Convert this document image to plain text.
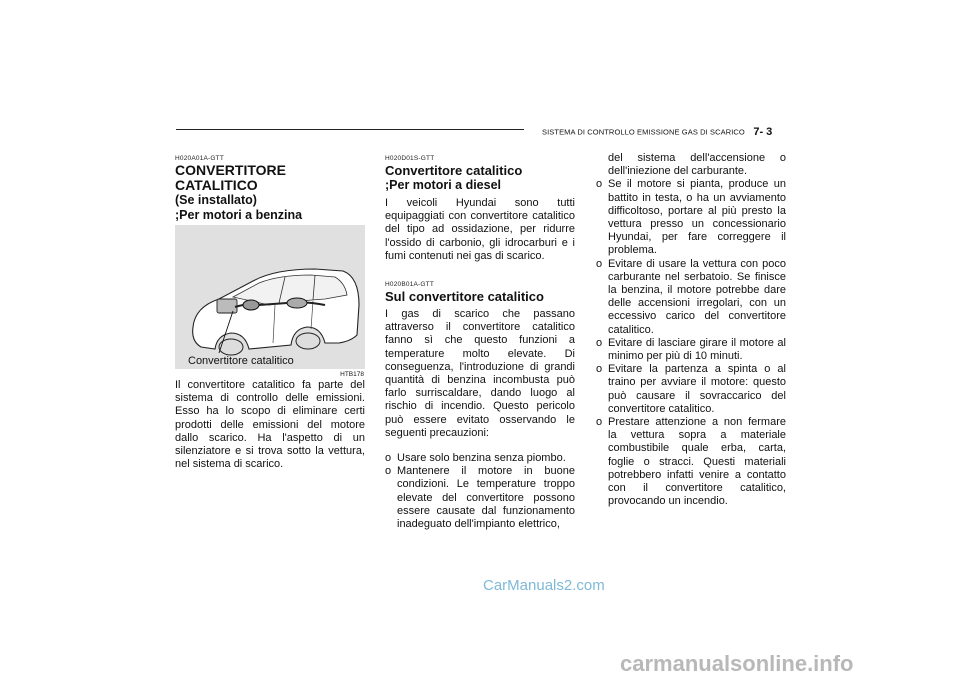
SISTEMA DI CONTROLLO EMISSIONE GAS DI SCARICO 7- 3
H020A01A-GTT
CONVERTITORE CATALITICO
(Se installato)
;Per motori a benzina
Convertitore catalitico
HTB178

Il convertitore catalitico fa parte del sistema di controllo delle emissioni. Esso ha lo scopo di eliminare certi prodotti delle emissioni del motore dallo scarico. Ha l'aspetto di un silenziatore e si trova sotto la vettura, nel sistema di scarico.

H020D01S-GTT
Convertitore catalitico
;Per motori a diesel

I veicoli Hyundai sono tutti equipaggiati con convertitore catalitico del tipo ad ossidazione, per ridurre l'ossido di carbonio, gli idrocarburi e i fumi contenuti nei gas di scarico.

H020B01A-GTT
Sul convertitore catalitico

I gas di scarico che passano attraverso il convertitore catalitico fanno sì che questo funzioni a temperature molto elevate. Di conseguenza, l'introduzione di grandi quantità di benzina incombusta può farlo surriscaldare, dando luogo al rischio di incendio. Questo pericolo può essere evitato osservando le seguenti precauzioni:

o Usare solo benzina senza piombo.
o Mantenere il motore in buone condizioni. Le temperature troppo elevate del convertitore possono essere causate dal funzionamento inadeguato dell'impianto elettrico,
del sistema dell'accensione o dell'iniezione del carburante.
o Se il motore si pianta, produce un battito in testa, o ha un avviamento difficoltoso, portare al più presto la vettura presso un concessionario Hyundai, per fare correggere il problema.
o Evitare di usare la vettura con poco carburante nel serbatoio. Se finisce la benzina, il motore potrebbe dare delle accensioni irregolari, con un eccessivo carico del convertitore catalitico.
o Evitare di lasciare girare il motore al minimo per più di 10 minuti.
o Evitare la partenza a spinta o al traino per avviare il motore: questo può causare il sovraccarico del convertitore catalitico.
o Prestare attenzione a non fermare la vettura sopra a materiale combustibile quale erba, carta, foglie o stracci. Questi materiali potrebbero infatti venire a contatto con il convertitore catalitico, provocando un incendio.
CarManuals2.com
carmanualsonline.info
